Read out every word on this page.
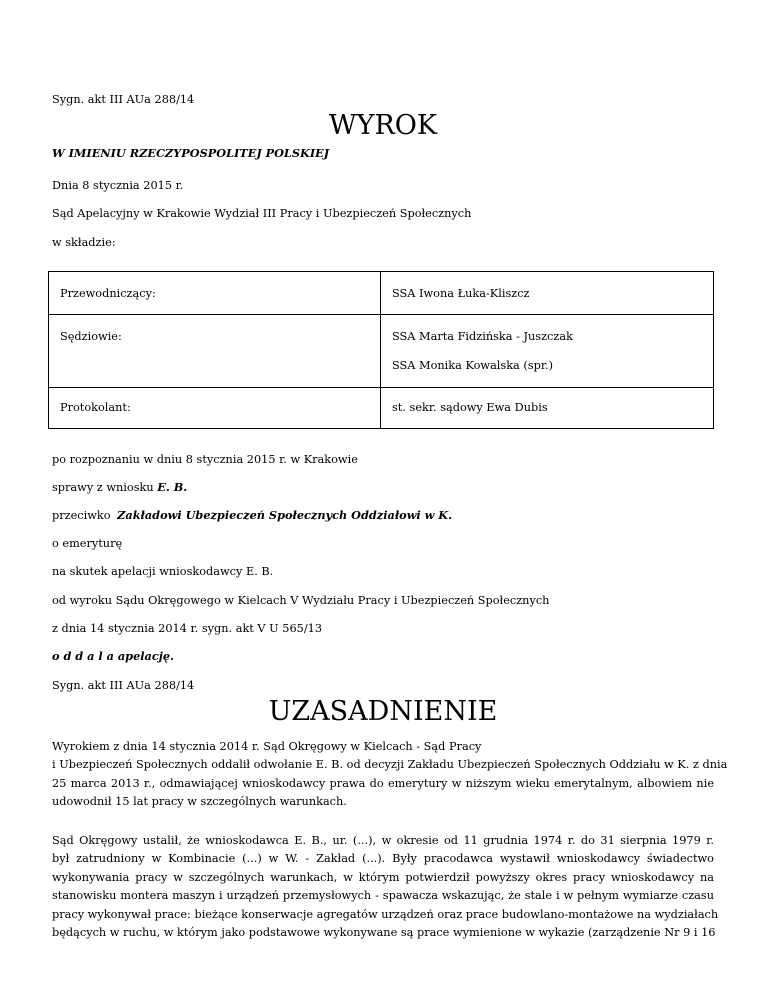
Sygn. akt III AUa 288/14
WYROK
W IMIENIU RZECZYPOSPOLITEJ POLSKIEJ
Dnia 8 stycznia 2015 r.
Sąd Apelacyjny w Krakowie Wydział III Pracy i Ubezpieczeń Społecznych
w składzie:
Przewodniczący:	SSA Iwona Łuka-Kliszcz

Sędziowie:	SSA Marta Fidzińska - Juszczak
SSA Monika Kowalska (spr.)

Protokolant:	st. sekr. sądowy Ewa Dubis
po rozpoznaniu w dniu 8 stycznia 2015 r. w Krakowie
sprawy z wniosku E. B.
przeciwko Zakładowi Ubezpieczeń Społecznych Oddziałowi w K.
o emeryturę
na skutek apelacji wnioskodawcy E. B.
od wyroku Sądu Okręgowego w Kielcach V Wydziału Pracy i Ubezpieczeń Społecznych
z dnia 14 stycznia 2014 r. sygn. akt V U 565/13
o d d a l a apelację.
Sygn. akt III AUa 288/14
UZASADNIENIE
Wyrokiem z dnia 14 stycznia 2014 r. Sąd Okręgowy w Kielcach - Sąd Pracy
i Ubezpieczeń Społecznych oddalił odwołanie E. B. od decyzji Zakładu Ubezpieczeń Społecznych Oddziału w K. z dnia
25 marca 2013 r., odmawiającej wnioskodawcy prawa do emerytury w niższym wieku emerytalnym, albowiem nie
udowodnił 15 lat pracy w szczególnych warunkach.
Sąd Okręgowy ustalił, że wnioskodawca E. B., ur. (...), w okresie od 11 grudnia 1974 r. do 31 sierpnia 1979 r.
był zatrudniony w Kombinacie (...) w W. - Zakład (...). Były pracodawca wystawił wnioskodawcy świadectwo
wykonywania pracy w szczególnych warunkach, w którym potwierdził powyższy okres pracy wnioskodawcy na
stanowisku montera maszyn i urządzeń przemysłowych - spawacza wskazując, że stale i w pełnym wymiarze czasu
pracy wykonywał prace: bieżące konserwacje agregatów urządzeń oraz prace budowlano-montażowe na wydziałach
będących w ruchu, w którym jako podstawowe wykonywane są prace wymienione w wykazie (zarządzenie Nr 9 i 16
